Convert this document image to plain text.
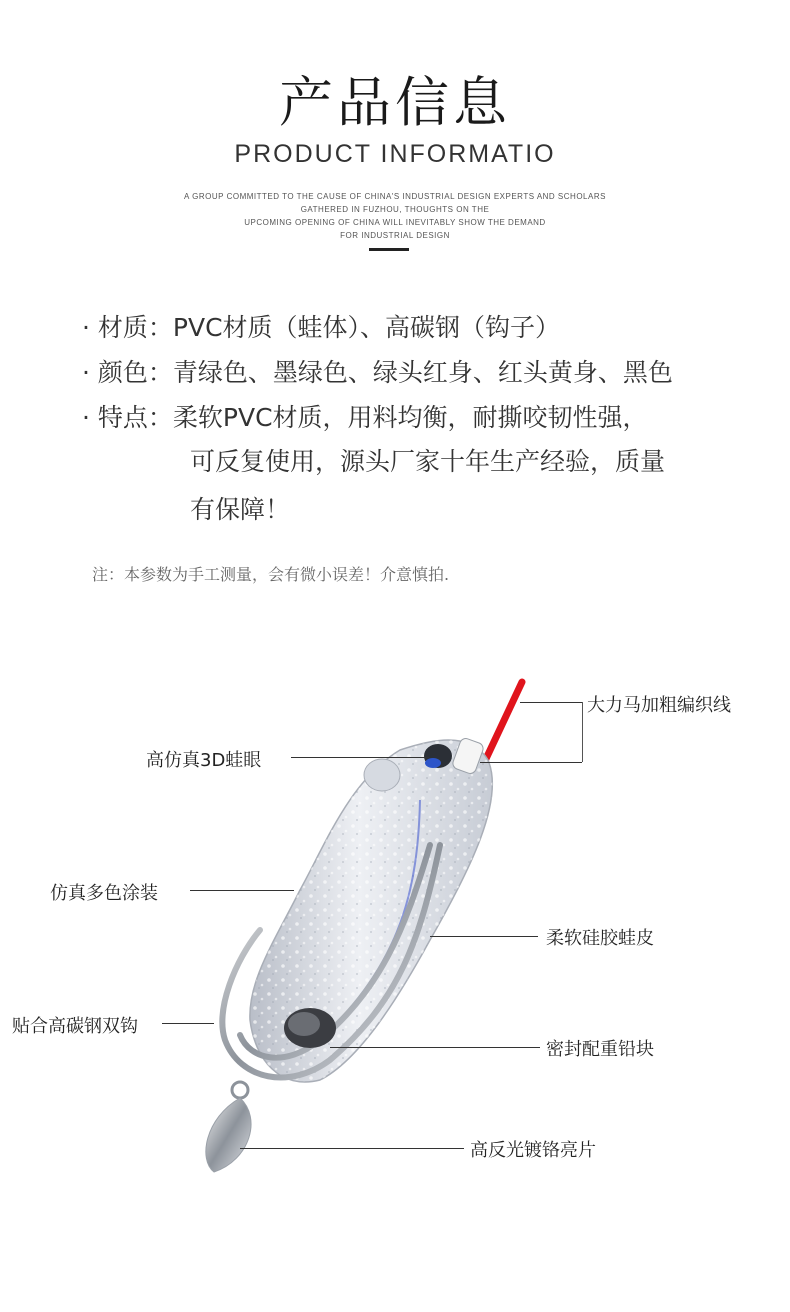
产品信息
PRODUCT INFORMATIO
A GROUP COMMITTED TO THE CAUSE OF CHINA'S INDUSTRIAL DESIGN EXPERTS AND SCHOLARS
GATHERED IN FUZHOU, THOUGHTS ON THE
UPCOMING OPENING OF CHINA WILL INEVITABLY SHOW THE DEMAND
FOR INDUSTRIAL DESIGN
· 材质：PVC材质（蛙体）、高碳钢（钩子）
· 颜色：青绿色、墨绿色、绿头红身、红头黄身、黑色
· 特点：柔软PVC材质，用料均衡，耐撕咬韧性强，
可反复使用，源头厂家十年生产经验，质量
有保障！
注：本参数为手工测量，会有微小误差！介意慎拍.
大力马加粗编织线
高仿真3D蛙眼
仿真多色涂装
柔软硅胶蛙皮
贴合高碳钢双钩
密封配重铅块
高反光镀铬亮片
